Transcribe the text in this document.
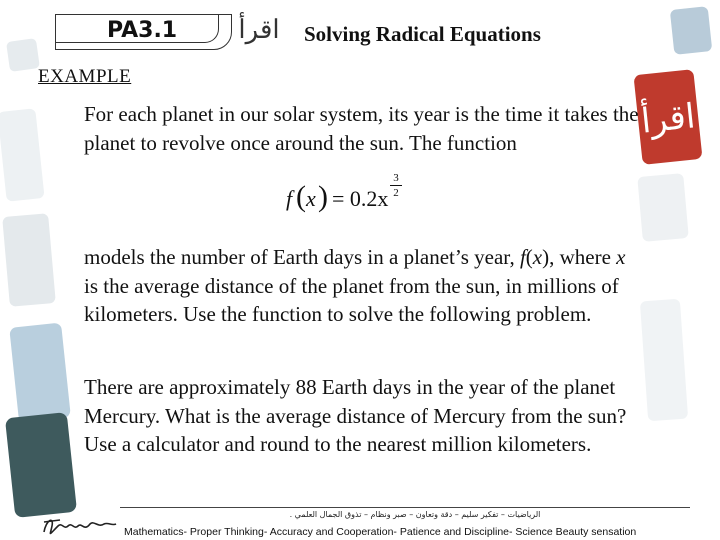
اقرأ
PA3.1 اقرأ Solving Radical Equations
EXAMPLE
For each planet in our solar system, its year is the time it takes the planet to revolve once around the sun. The function
f ( x ) = 0.2x
3
2
models the number of Earth days in a planet’s year, f(x), where x is the average distance of the planet from the sun, in millions of kilometers. Use the function to solve the following problem.
There are approximately 88 Earth days in the year of the planet Mercury. What is the average distance of Mercury from the sun? Use a calculator and round to the nearest million kilometers.
الرياضيات – تفكير سليم – دقة وتعاون – صبر ونظام – تذوق الجمال العلمي .
Mathematics- Proper Thinking- Accuracy and Cooperation- Patience and Discipline- Science Beauty sensation
